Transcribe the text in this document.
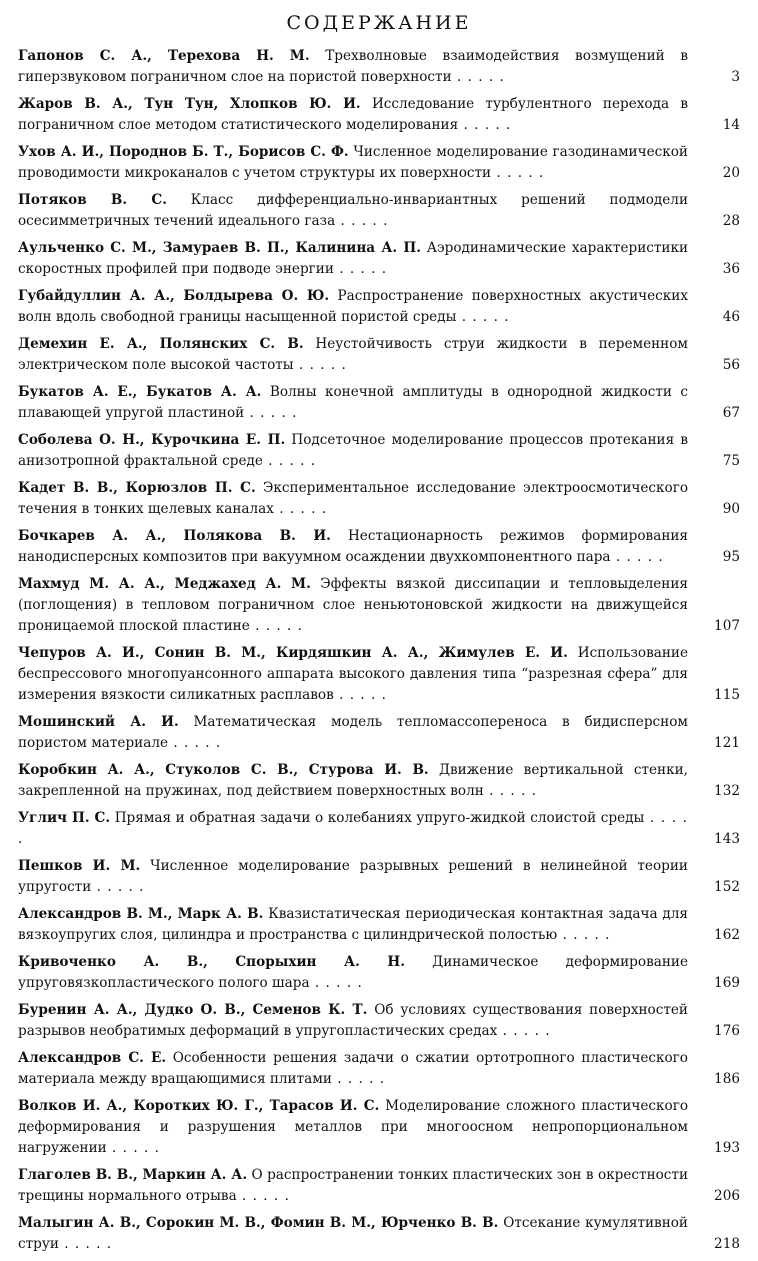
СОДЕРЖАНИЕ
Гапонов С. А., Терехова Н. М. Трехволновые взаимодействия возмущений в гиперзвуковом пограничном слое на пористой поверхности . . . . .	3
Жаров В. А., Тун Тун, Хлопков Ю. И. Исследование турбулентного перехода в пограничном слое методом статистического моделирования . . . . .	14
Ухов А. И., Породнов Б. Т., Борисов С. Ф. Численное моделирование газодинамической проводимости микроканалов с учетом структуры их поверхности . . . . .	20
Потяков В. С. Класс дифференциально-инвариантных решений подмодели осесимметричных течений идеального газа . . . . .	28
Аульченко С. М., Замураев В. П., Калинина А. П. Аэродинамические характеристики скоростных профилей при подводе энергии . . . . .	36
Губайдуллин А. А., Болдырева О. Ю. Распространение поверхностных акустических волн вдоль свободной границы насыщенной пористой среды . . . . .	46
Демехин Е. А., Полянских С. В. Неустойчивость струи жидкости в переменном электрическом поле высокой частоты . . . . .	56
Букатов А. Е., Букатов А. А. Волны конечной амплитуды в однородной жидкости с плавающей упругой пластиной . . . . .	67
Соболева О. Н., Курочкина Е. П. Подсеточное моделирование процессов протекания в анизотропной фрактальной среде . . . . .	75
Кадет В. В., Корюзлов П. С. Экспериментальное исследование электроосмотического течения в тонких щелевых каналах . . . . .	90
Бочкарев А. А., Полякова В. И. Нестационарность режимов формирования нанодисперсных композитов при вакуумном осаждении двухкомпонентного пара . . . . .	95
Махмуд М. А. А., Меджахед А. М. Эффекты вязкой диссипации и тепловыделения (поглощения) в тепловом пограничном слое неньютоновской жидкости на движущейся проницаемой плоской пластине . . . . .	107
Чепуров А. И., Сонин В. М., Кирдяшкин А. А., Жимулев Е. И. Использование беспрессового многопуансонного аппарата высокого давления типа “разрезная сфера” для измерения вязкости силикатных расплавов . . . . .	115
Мошинский А. И. Математическая модель тепломассопереноса в бидисперсном пористом материале . . . . .	121
Коробкин А. А., Стуколов С. В., Стурова И. В. Движение вертикальной стенки, закрепленной на пружинах, под действием поверхностных волн . . . . .	132
Углич П. С. Прямая и обратная задачи о колебаниях упруго-жидкой слоистой среды . . . . .	143
Пешков И. М. Численное моделирование разрывных решений в нелинейной теории упругости . . . . .	152
Александров В. М., Марк А. В. Квазистатическая периодическая контактная задача для вязкоупругих слоя, цилиндра и пространства с цилиндрической полостью . . . . .	162
Кривоченко А. В., Спорыхин А. Н. Динамическое деформирование упруговязкопластического полого шара . . . . .	169
Буренин А. А., Дудко О. В., Семенов К. Т. Об условиях существования поверхностей разрывов необратимых деформаций в упругопластических средах . . . . .	176
Александров С. Е. Особенности решения задачи о сжатии ортотропного пластического материала между вращающимися плитами . . . . .	186
Волков И. А., Коротких Ю. Г., Тарасов И. С. Моделирование сложного пластического деформирования и разрушения металлов при многоосном непропорциональном нагружении . . . . .	193
Глаголев В. В., Маркин А. А. О распространении тонких пластических зон в окрестности трещины нормального отрыва . . . . .	206
Малыгин А. В., Сорокин М. В., Фомин В. М., Юрченко В. В. Отсекание кумулятивной струи . . . . .	218
